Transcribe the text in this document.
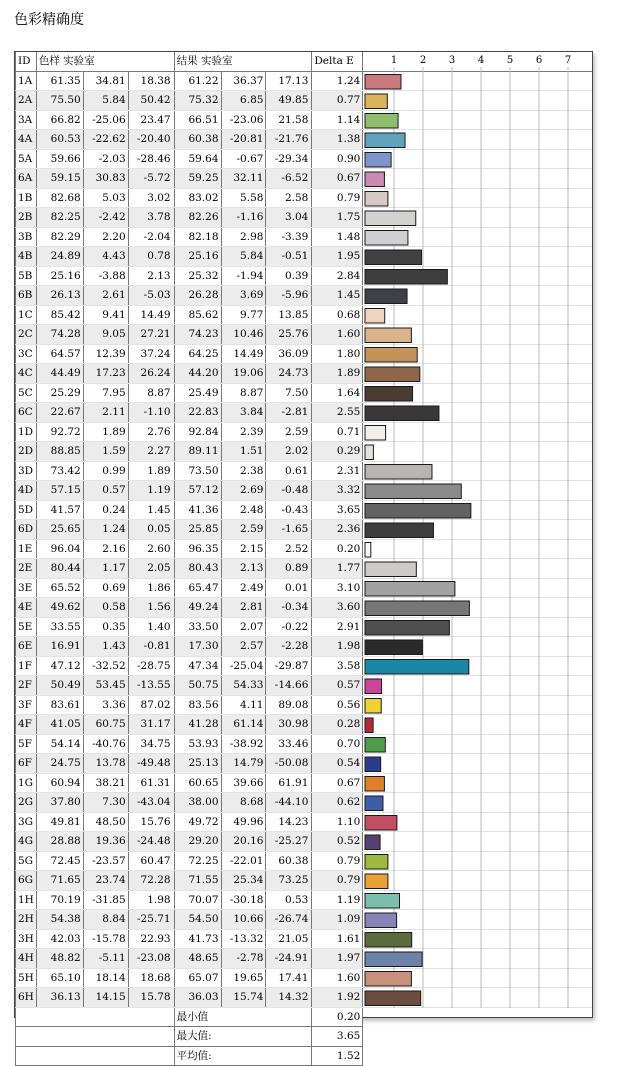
色彩精确度
ID	色样 实验室			结果 实验室			Delta E	
1A	61.35	34.81	18.38	61.22	36.37	17.13	1.24	
2A	75.50	5.84	50.42	75.32	6.85	49.85	0.77	
3A	66.82	-25.06	23.47	66.51	-23.06	21.58	1.14	
4A	60.53	-22.62	-20.40	60.38	-20.81	-21.76	1.38	
5A	59.66	-2.03	-28.46	59.64	-0.67	-29.34	0.90	
6A	59.15	30.83	-5.72	59.25	32.11	-6.52	0.67	
1B	82.68	5.03	3.02	83.02	5.58	2.58	0.79	
2B	82.25	-2.42	3.78	82.26	-1.16	3.04	1.75	
3B	82.29	2.20	-2.04	82.18	2.98	-3.39	1.48	
4B	24.89	4.43	0.78	25.16	5.84	-0.51	1.95	
5B	25.16	-3.88	2.13	25.32	-1.94	0.39	2.84	
6B	26.13	2.61	-5.03	26.28	3.69	-5.96	1.45	
1C	85.42	9.41	14.49	85.62	9.77	13.85	0.68	
2C	74.28	9.05	27.21	74.23	10.46	25.76	1.60	
3C	64.57	12.39	37.24	64.25	14.49	36.09	1.80	
4C	44.49	17.23	26.24	44.20	19.06	24.73	1.89	
5C	25.29	7.95	8.87	25.49	8.87	7.50	1.64	
6C	22.67	2.11	-1.10	22.83	3.84	-2.81	2.55	
1D	92.72	1.89	2.76	92.84	2.39	2.59	0.71	
2D	88.85	1.59	2.27	89.11	1.51	2.02	0.29	
3D	73.42	0.99	1.89	73.50	2.38	0.61	2.31	
4D	57.15	0.57	1.19	57.12	2.69	-0.48	3.32	
5D	41.57	0.24	1.45	41.36	2.48	-0.43	3.65	
6D	25.65	1.24	0.05	25.85	2.59	-1.65	2.36	
1E	96.04	2.16	2.60	96.35	2.15	2.52	0.20	
2E	80.44	1.17	2.05	80.43	2.13	0.89	1.77	
3E	65.52	0.69	1.86	65.47	2.49	0.01	3.10	
4E	49.62	0.58	1.56	49.24	2.81	-0.34	3.60	
5E	33.55	0.35	1.40	33.50	2.07	-0.22	2.91	
6E	16.91	1.43	-0.81	17.30	2.57	-2.28	1.98	
1F	47.12	-32.52	-28.75	47.34	-25.04	-29.87	3.58	
2F	50.49	53.45	-13.55	50.75	54.33	-14.66	0.57	
3F	83.61	3.36	87.02	83.56	4.11	89.08	0.56	
4F	41.05	60.75	31.17	41.28	61.14	30.98	0.28	
5F	54.14	-40.76	34.75	53.93	-38.92	33.46	0.70	
6F	24.75	13.78	-49.48	25.13	14.79	-50.08	0.54	
1G	60.94	38.21	61.31	60.65	39.66	61.91	0.67	
2G	37.80	7.30	-43.04	38.00	8.68	-44.10	0.62	
3G	49.81	48.50	15.76	49.72	49.96	14.23	1.10	
4G	28.88	19.36	-24.48	29.20	20.16	-25.27	0.52	
5G	72.45	-23.57	60.47	72.25	-22.01	60.38	0.79	
6G	71.65	23.74	72.28	71.55	25.34	73.25	0.79	
1H	70.19	-31.85	1.98	70.07	-30.18	0.53	1.19	
2H	54.38	8.84	-25.71	54.50	10.66	-26.74	1.09	
3H	42.03	-15.78	22.93	41.73	-13.32	21.05	1.61	
4H	48.82	-5.11	-23.08	48.65	-2.78	-24.91	1.97	
5H	65.10	18.14	18.68	65.07	19.65	17.41	1.60	
6H	36.13	14.15	15.78	36.03	15.74	14.32	1.92	
				最小值			0.20	
				最大值:			3.65	
				平均值:			1.52	
1 2 3 4 5 6 7
